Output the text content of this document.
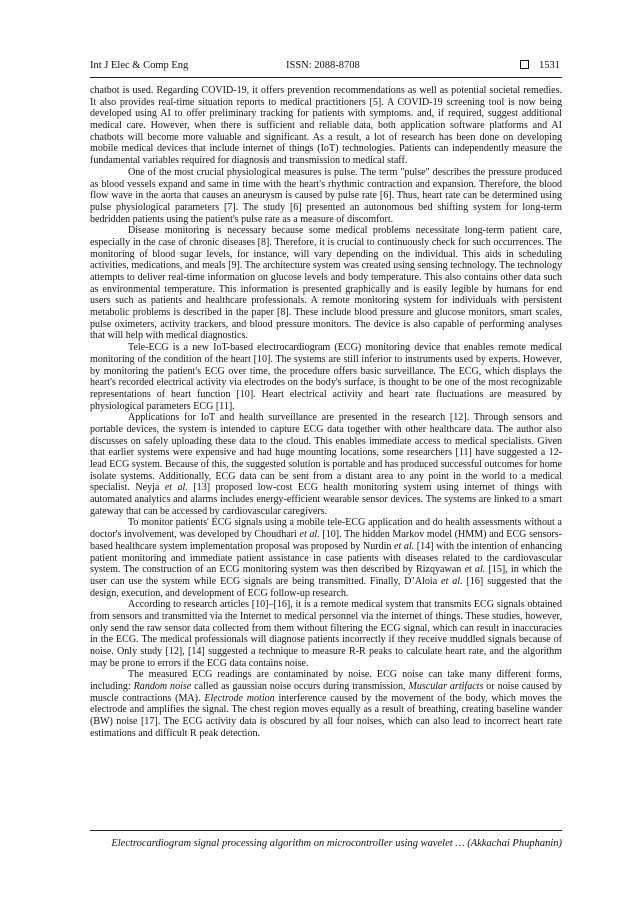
Int J Elec & Comp Eng	ISSN: 2088-8708	1531

chatbot is used. Regarding COVID-19, it offers prevention recommendations as well as potential societal remedies. It also provides real-time situation reports to medical practitioners [5]. A COVID-19 screening tool is now being developed using AI to offer preliminary tracking for patients with symptoms. and, if required, suggest additional medical care. However, when there is sufficient and reliable data, both application software platforms and AI chatbots will become more valuable and significant. As a result, a lot of research has been done on developing mobile medical devices that include internet of things (IoT) technologies. Patients can independently measure the fundamental variables required for diagnosis and transmission to medical staff.

One of the most crucial physiological measures is pulse. The term "pulse" describes the pressure produced as blood vessels expand and same in time with the heart's rhythmic contraction and expansion. Therefore, the blood flow wave in the aorta that causes an aneurysm is caused by pulse rate [6]. Thus, heart rate can be determined using pulse physiological parameters [7]. The study [6] presented an autonomous bed shifting system for long-term bedridden patients using the patient's pulse rate as a measure of discomfort.

Disease monitoring is necessary because some medical problems necessitate long-term patient care, especially in the case of chronic diseases [8]. Therefore, it is crucial to continuously check for such occurrences. The monitoring of blood sugar levels, for instance, will vary depending on the individual. This aids in scheduling activities, medications, and meals [9]. The architecture system was created using sensing technology. The technology attempts to deliver real-time information on glucose levels and body temperature. This also contains other data such as environmental temperature. This information is presented graphically and is easily legible by humans for end users such as patients and healthcare professionals. A remote monitoring system for individuals with persistent metabolic problems is described in the paper [8]. These include blood pressure and glucose monitors, smart scales, pulse oximeters, activity trackers, and blood pressure monitors. The device is also capable of performing analyses that will help with medical diagnostics.

Tele-ECG is a new IoT-based electrocardiogram (ECG) monitoring device that enables remote medical monitoring of the condition of the heart [10]. The systems are still inferior to instruments used by experts. However, by monitoring the patient's ECG over time, the procedure offers basic surveillance. The ECG, which displays the heart's recorded electrical activity via electrodes on the body's surface, is thought to be one of the most recognizable representations of heart function [10]. Heart electrical activity and heart rate fluctuations are measured by physiological parameters ECG [11].

Applications for IoT and health surveillance are presented in the research [12]. Through sensors and portable devices, the system is intended to capture ECG data together with other healthcare data. The author also discusses on safely uploading these data to the cloud. This enables immediate access to medical specialists. Given that earlier systems were expensive and had huge mounting locations, some researchers [11] have suggested a 12-lead ECG system. Because of this, the suggested solution is portable and has produced successful outcomes for home isolate systems. Additionally, ECG data can be sent from a distant area to any point in the world to a medical specialist. Neyja et al. [13] proposed low-cost ECG health monitoring system using internet of things with automated analytics and alarms includes energy-efficient wearable sensor devices. The systems are linked to a smart gateway that can be accessed by cardiovascular caregivers.

To monitor patients' ECG signals using a mobile tele-ECG application and do health assessments without a doctor's involvement, was developed by Choudhari et al. [10]. The hidden Markov model (HMM) and ECG sensors-based healthcare system implementation proposal was proposed by Nurdin et al. [14] with the intention of enhancing patient monitoring and immediate patient assistance in case patients with diseases related to the cardiovascular system. The construction of an ECG monitoring system was then described by Rizqyawan et al. [15], in which the user can use the system while ECG signals are being transmitted. Finally, D’Aloia et al. [16] suggested that the design, execution, and development of ECG follow-up research.

According to research articles [10]–[16], it is a remote medical system that transmits ECG signals obtained from sensors and transmitted via the Internet to medical personnel via the internet of things. These studies, however, only send the raw sensor data collected from them without filtering the ECG signal, which can result in inaccuracies in the ECG. The medical professionals will diagnose patients incorrectly if they receive muddled signals because of noise. Only study [12], [14] suggested a technique to measure R-R peaks to calculate heart rate, and the algorithm may be prone to errors if the ECG data contains noise.

The measured ECG readings are contaminated by noise. ECG noise can take many different forms, including: Random noise called as gaussian noise occurs during transmission, Muscular artifacts or noise caused by muscle contractions (MA). Electrode motion interference caused by the movement of the body, which moves the electrode and amplifies the signal. The chest region moves equally as a result of breathing, creating baseline wander (BW) noise [17]. The ECG activity data is obscured by all four noises, which can also lead to incorrect heart rate estimations and difficult R peak detection.

Electrocardiogram signal processing algorithm on microcontroller using wavelet … (Akkachai Phuphanin)
